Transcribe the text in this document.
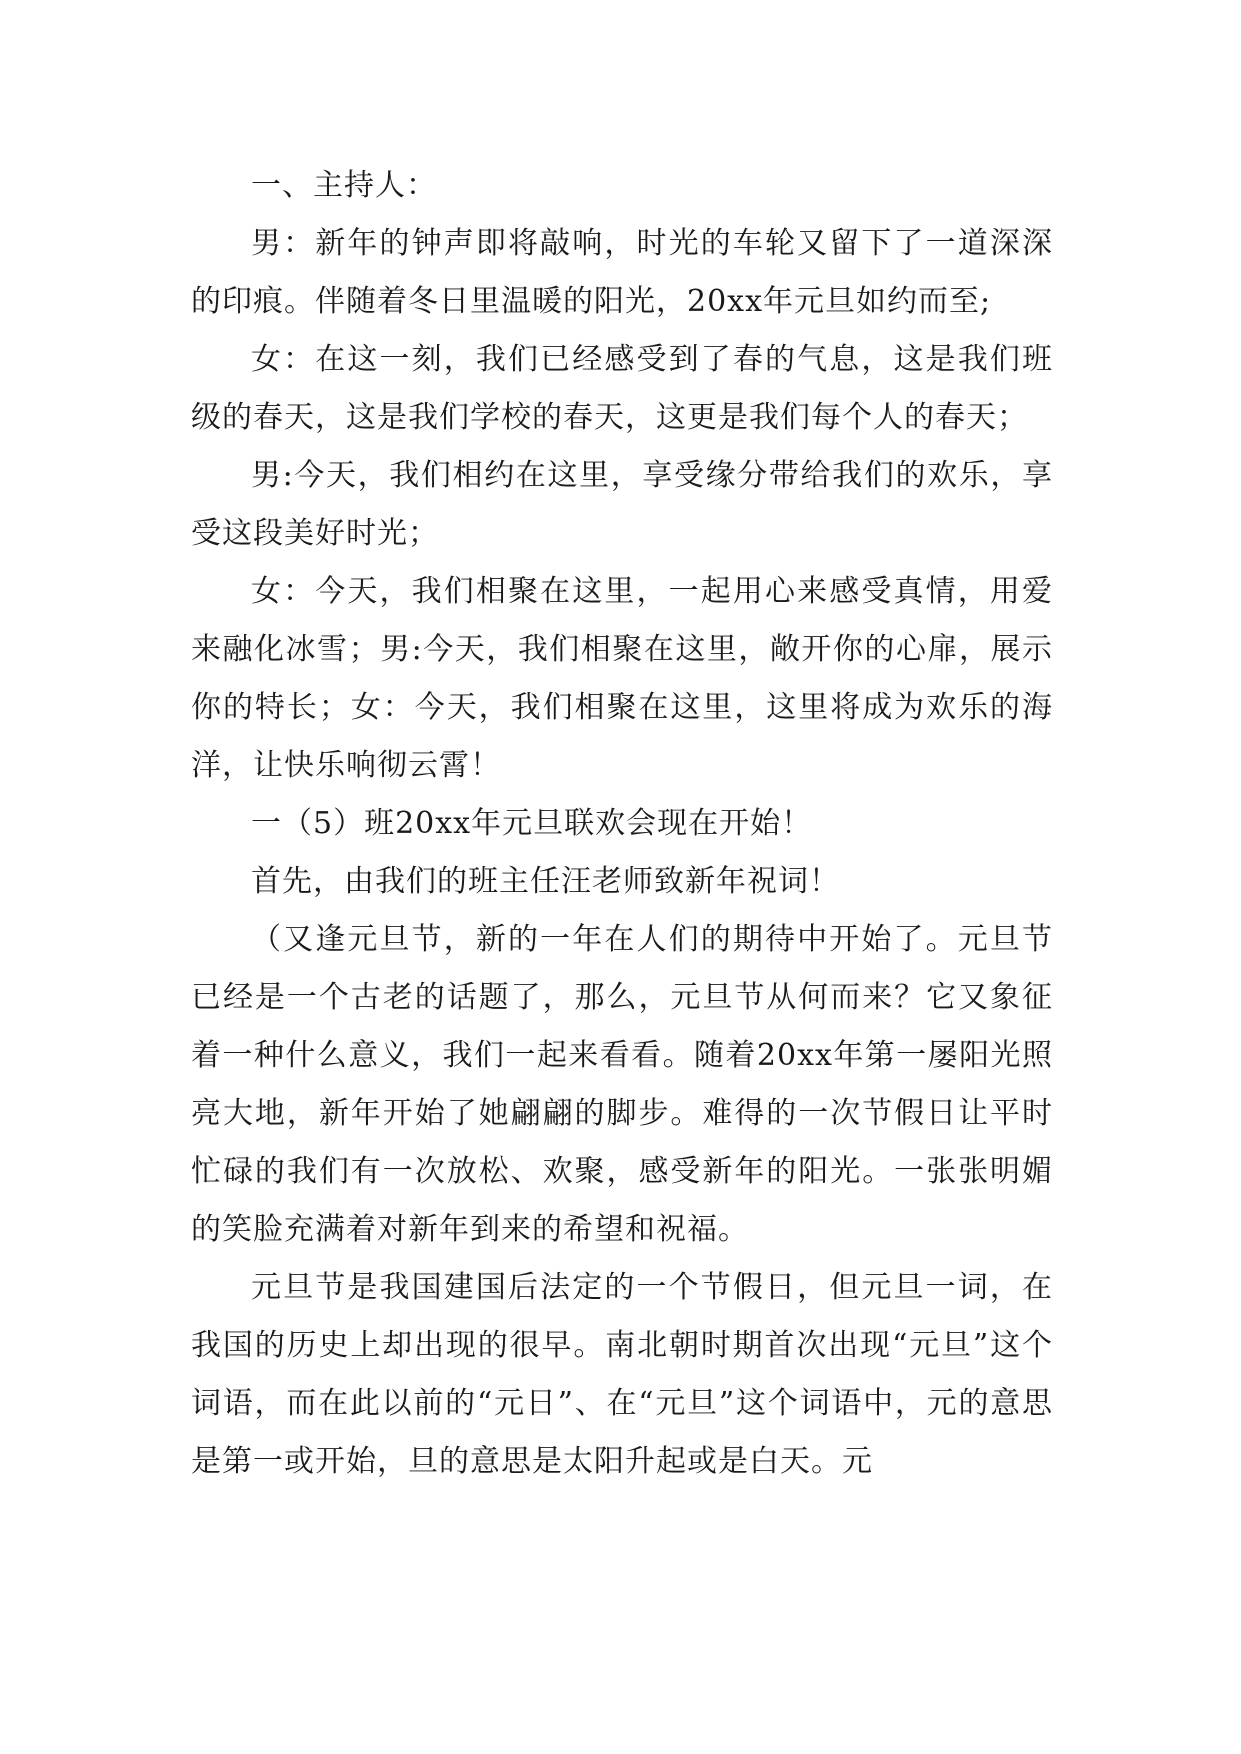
一、主持人：

男：新年的钟声即将敲响，时光的车轮又留下了一道深深的印痕。伴随着冬日里温暖的阳光，20xx年元旦如约而至;

女：在这一刻，我们已经感受到了春的气息，这是我们班级的春天，这是我们学校的春天，这更是我们每个人的春天；

男:今天，我们相约在这里，享受缘分带给我们的欢乐，享受这段美好时光；

女：今天，我们相聚在这里，一起用心来感受真情，用爱来融化冰雪；男:今天，我们相聚在这里，敞开你的心扉，展示你的特长；女：今天，我们相聚在这里，这里将成为欢乐的海洋，让快乐响彻云霄！

一（5）班20xx年元旦联欢会现在开始！

首先，由我们的班主任汪老师致新年祝词！

（又逢元旦节，新的一年在人们的期待中开始了。元旦节已经是一个古老的话题了，那么，元旦节从何而来？它又象征着一种什么意义，我们一起来看看。随着20xx年第一屡阳光照亮大地，新年开始了她翩翩的脚步。难得的一次节假日让平时忙碌的我们有一次放松、欢聚，感受新年的阳光。一张张明媚的笑脸充满着对新年到来的希望和祝福。

元旦节是我国建国后法定的一个节假日，但元旦一词，在我国的历史上却出现的很早。南北朝时期首次出现“元旦”这个词语，而在此以前的“元日”、在“元旦”这个词语中，元的意思是第一或开始，旦的意思是太阳升起或是白天。元
